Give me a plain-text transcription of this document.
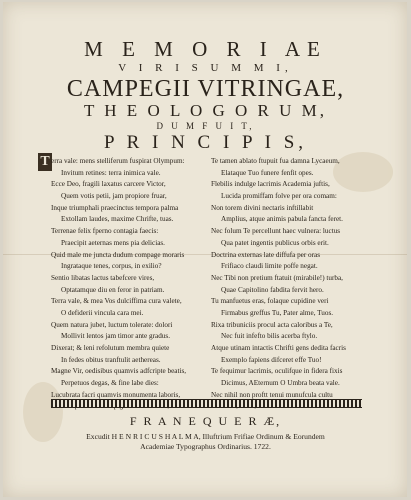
M E M O R I AE
V I R I S U M M I,
CAMPEGII VITRINGAE,
T H E O L O G O R U M,
D U M F U I T,
P R I N C I P I S,
T erra vale: mens stelliferum fuspirat Olympum:
Invitum retines: terra inimica vale.
Ecce Deo, fragili laxatus carcere Victor,
Quem votis petii, jam propiore fruar,
Inque triumphali praecinctus tempora palma
Extollam laudes, maxime Chrifte, tuas.
Terrenae felix fperno contagia faecis:
Praecipit aeternas mens pia delicias.
Quid male me juncta dudum compage moraris
Ingrataque tenes, corpus, in exilio?
Sentio libatas lactus tabefcere vires,
Optatamque diu en feror in patriam.
Terra vale, & mea Vos dulciffima cura valete,
O defiderii vincula cara mei.
Quem natura jubet, luctum tolerate: dolori
Mollivit lentos jam timor ante gradus.
Dixerat; & leni refolutum membra quiete
In fedes obitus tranftulit aethereas.
Magne Vir, oedisibus quamvis adfcripte beatis,
Perpetuos degas, & fine labe dies:
Lucubrata facri quamvis monumenta laboris,
Te tamen ablato ftupuit fua damna Lycaeum,
Elataque Tuo funere fenfit opes.
Flebilis indulge lacrimis Academia juftis,
Lucida promiffam folve per ora comam:
Non torem divini nectaris inftillabit
Amplius, atque animis pabula fancta feret.
Nec folum Te percellunt haec vulnera: luctus
Qua patet ingentis publicus orbis erit.
Doctrina externas late diffufa per oras
Frifiaco claudi limite poffe negat.
Nec Tibi non pretium ftatuit (mirabile!) turba,
Quae Capitolino fabdita fervit hero.
Tu manfuetus eras, folaque cupidine veri
Firmabus greffus Tu, Pater alme, Tuos.
Rixa tribuniciis procul acta caloribus a Te,
Nec fuit infefto bilis acerba ftylo.
Atque utinam intactis Chrifti gens dedita facris
Exemplo fapiens difceret effe Tuo!
Te fequimur lacrimis, oculifque in fidera fixis
Dicimus, AEternum O Umbra beata vale.
Nec nihil non proftt tenui munufcula cultu
F R A N E Q U E R Æ,
Excudit H E N R I C U S H A L M A, Illuftrium Frifiae Ordinum & Eorundem
Academiae Typographus Ordinarius. 1722.
